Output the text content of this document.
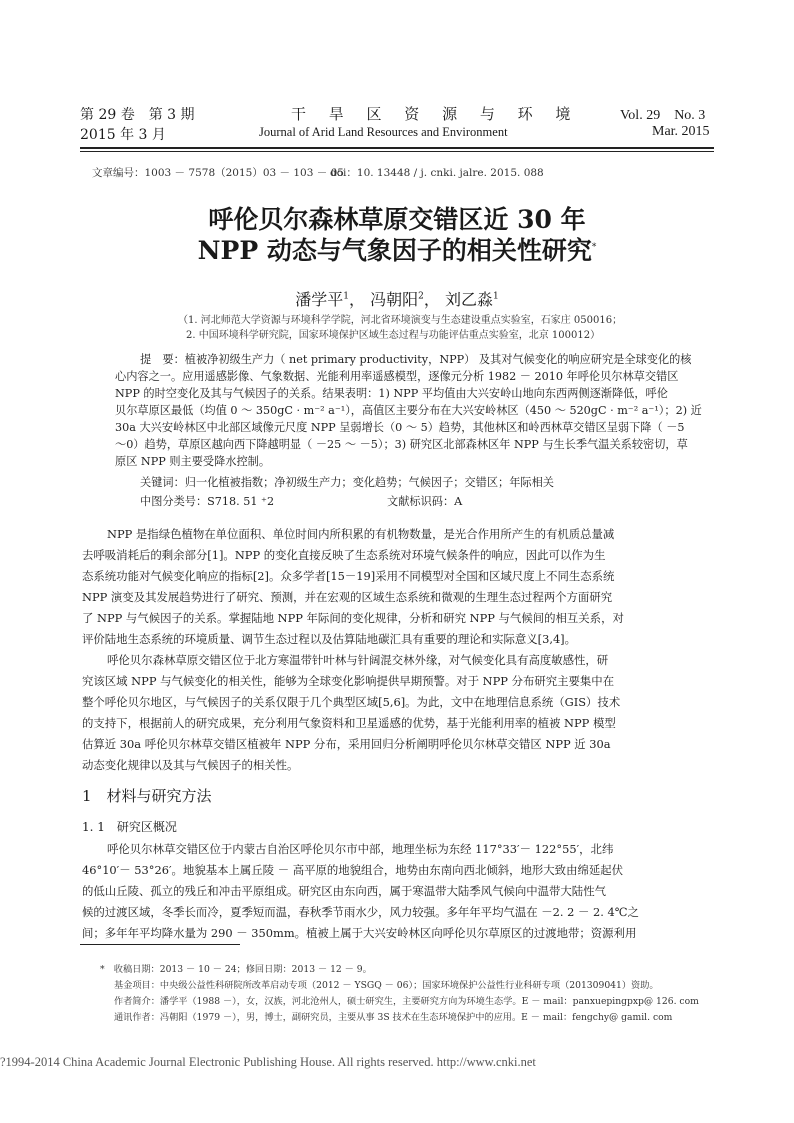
第 29 卷　第 3 期
2015 年 3 月
干 旱 区 资 源 与 环 境
Journal of Arid Land Resources and Environment
Vol. 29　No. 3
Mar. 2015
文章编号：1003 － 7578（2015）03 － 103 － 05
doi：10. 13448 / j. cnki. jalre. 2015. 088
呼伦贝尔森林草原交错区近 30 年
NPP 动态与气象因子的相关性研究*
潘学平$^1$， 冯朝阳$^2$， 刘乙淼$^1$
（1. 河北师范大学资源与环境科学学院，河北省环境演变与生态建设重点实验室，石家庄 050016；
2. 中国环境科学研究院，国家环境保护区域生态过程与功能评估重点实验室，北京 100012）
提　要：植被净初级生产力（ net primary productivity，NPP） 及其对气候变化的响应研究是全球变化的核
心内容之一。应用遥感影像、气象数据、光能利用率遥感模型，逐像元分析 1982 － 2010 年呼伦贝尔林草交错区
NPP 的时空变化及其与气候因子的关系。结果表明：1) NPP 平均值由大兴安岭山地向东西两侧逐渐降低，呼伦
贝尔草原区最低（均值 0 ～ 350gC · m⁻² a⁻¹），高值区主要分布在大兴安岭林区（450 ～ 520gC · m⁻² a⁻¹）；2) 近
30a 大兴安岭林区中北部区域像元尺度 NPP 呈弱增长（0 ～ 5）趋势，其他林区和岭西林草交错区呈弱下降（ －5
～0）趋势，草原区越向西下降越明显（ －25 ～ －5）；3) 研究区北部森林区年 NPP 与生长季气温关系较密切，草
原区 NPP 则主要受降水控制。
关键词：归一化植被指数；净初级生产力；变化趋势；气候因子；交错区；年际相关
中图分类号：S718. 51 ⁺2	文献标识码：A
NPP 是指绿色植物在单位面积、单位时间内所积累的有机物数量，是光合作用所产生的有机质总量减
去呼吸消耗后的剩余部分[1]。NPP 的变化直接反映了生态系统对环境气候条件的响应，因此可以作为生
态系统功能对气候变化响应的指标[2]。众多学者[15－19]采用不同模型对全国和区域尺度上不同生态系统
NPP 演变及其发展趋势进行了研究、预测，并在宏观的区域生态系统和微观的生理生态过程两个方面研究
了 NPP 与气候因子的关系。掌握陆地 NPP 年际间的变化规律，分析和研究 NPP 与气候间的相互关系，对
评价陆地生态系统的环境质量、调节生态过程以及估算陆地碳汇具有重要的理论和实际意义[3,4]。
呼伦贝尔森林草原交错区位于北方寒温带针叶林与针阔混交林外缘，对气候变化具有高度敏感性，研
究该区域 NPP 与气候变化的相关性，能够为全球变化影响提供早期预警。对于 NPP 分布研究主要集中在
整个呼伦贝尔地区，与气候因子的关系仅限于几个典型区域[5,6]。为此，文中在地理信息系统（GIS）技术
的支持下，根据前人的研究成果，充分利用气象资料和卫星遥感的优势，基于光能利用率的植被 NPP 模型
估算近 30a 呼伦贝尔林草交错区植被年 NPP 分布，采用回归分析阐明呼伦贝尔林草交错区 NPP 近 30a
动态变化规律以及其与气候因子的相关性。
1　材料与研究方法
1. 1　研究区概况
呼伦贝尔林草交错区位于内蒙古自治区呼伦贝尔市中部，地理坐标为东经 117°33′－ 122°55′，北纬
46°10′－ 53°26′。地貌基本上属丘陵 － 高平原的地貌组合，地势由东南向西北倾斜，地形大致由绵延起伏
的低山丘陵、孤立的残丘和冲击平原组成。研究区由东向西，属于寒温带大陆季风气候向中温带大陆性气
候的过渡区域，冬季长而冷，夏季短而温，春秋季节雨水少，风力较强。多年年平均气温在 －2. 2 － 2. 4℃之
间；多年年平均降水量为 290 － 350mm。植被上属于大兴安岭林区向呼伦贝尔草原区的过渡地带；资源利用
*　收稿日期：2013 － 10 － 24；修回日期：2013 － 12 － 9。
基金项目：中央级公益性科研院所改革启动专项（2012 － YSGQ － 06）；国家环境保护公益性行业科研专项（201309041）资助。
作者简介：潘学平（1988 －），女，汉族，河北沧州人，硕士研究生，主要研究方向为环境生态学。E － mail：panxuepingpxp@ 126. com
通讯作者：冯朝阳（1979 －），男，博士，副研究员，主要从事 3S 技术在生态环境保护中的应用。E － mail：fengchy@ gamil. com
?1994-2014 China Academic Journal Electronic Publishing House. All rights reserved. http://www.cnki.net
